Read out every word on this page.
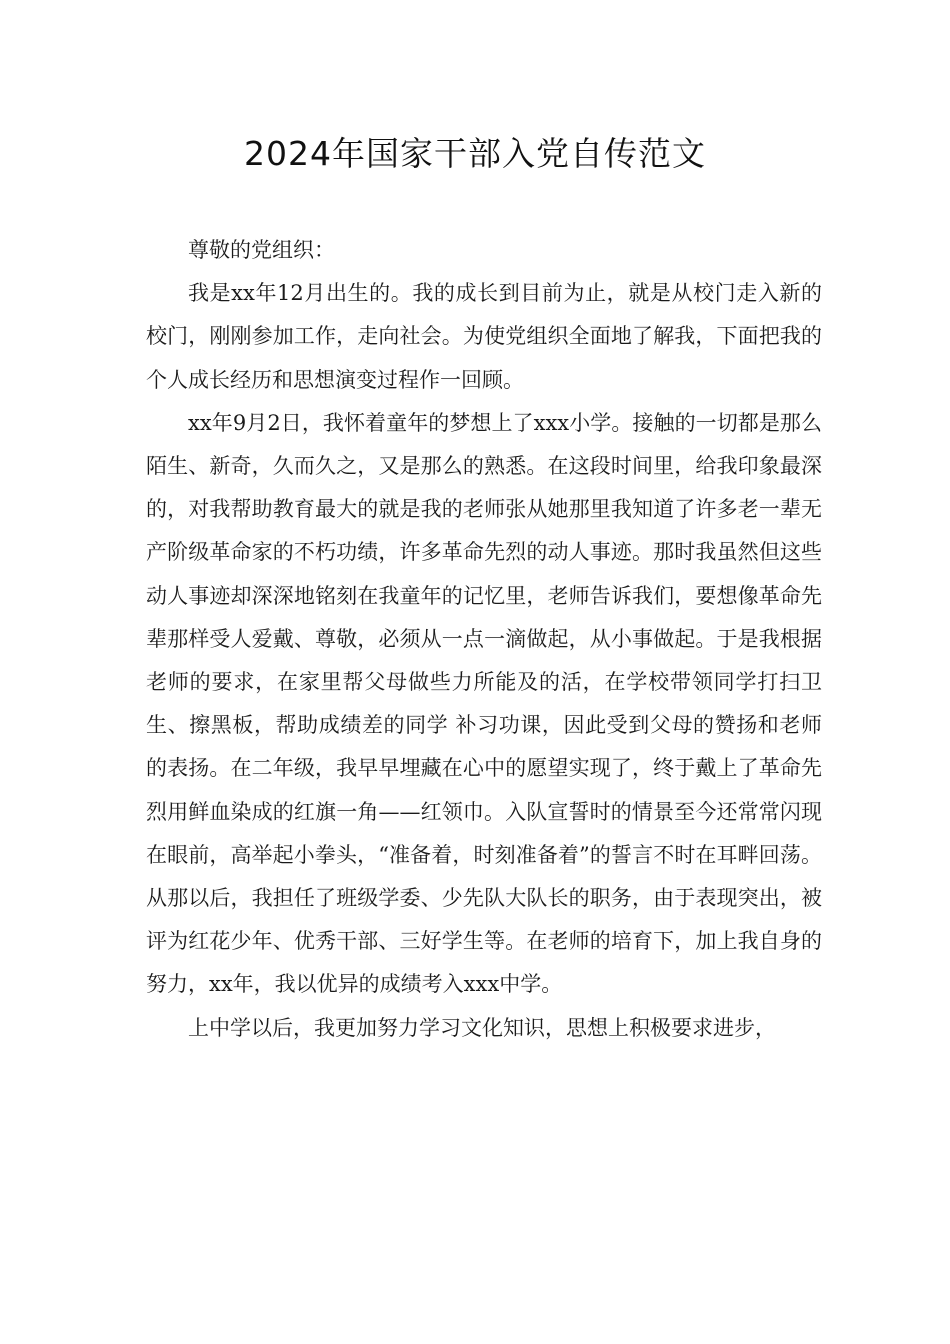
2024年国家干部入党自传范文

尊敬的党组织：

我是xx年12月出生的。我的成长到目前为止，就是从校门走入新的校门，刚刚参加工作，走向社会。为使党组织全面地了解我，下面把我的个人成长经历和思想演变过程作一回顾。

xx年9月2日，我怀着童年的梦想上了xxx小学。接触的一切都是那么陌生、新奇，久而久之，又是那么的熟悉。在这段时间里，给我印象最深的，对我帮助教育最大的就是我的老师张从她那里我知道了许多老一辈无产阶级革命家的不朽功绩，许多革命先烈的动人事迹。那时我虽然但这些动人事迹却深深地铭刻在我童年的记忆里，老师告诉我们，要想像革命先辈那样受人爱戴、尊敬，必须从一点一滴做起，从小事做起。于是我根据老师的要求，在家里帮父母做些力所能及的活，在学校带领同学打扫卫生、擦黑板，帮助成绩差的同学 补习功课，因此受到父母的赞扬和老师的表扬。在二年级，我早早埋藏在心中的愿望实现了，终于戴上了革命先烈用鲜血染成的红旗一角——红领巾。入队宣誓时的情景至今还常常闪现在眼前，高举起小拳头，“准备着，时刻准备着”的誓言不时在耳畔回荡。从那以后，我担任了班级学委、少先队大队长的职务，由于表现突出，被评为红花少年、优秀干部、三好学生等。在老师的培育下，加上我自身的努力，xx年，我以优异的成绩考入xxx中学。

上中学以后，我更加努力学习文化知识，思想上积极要求进步，
